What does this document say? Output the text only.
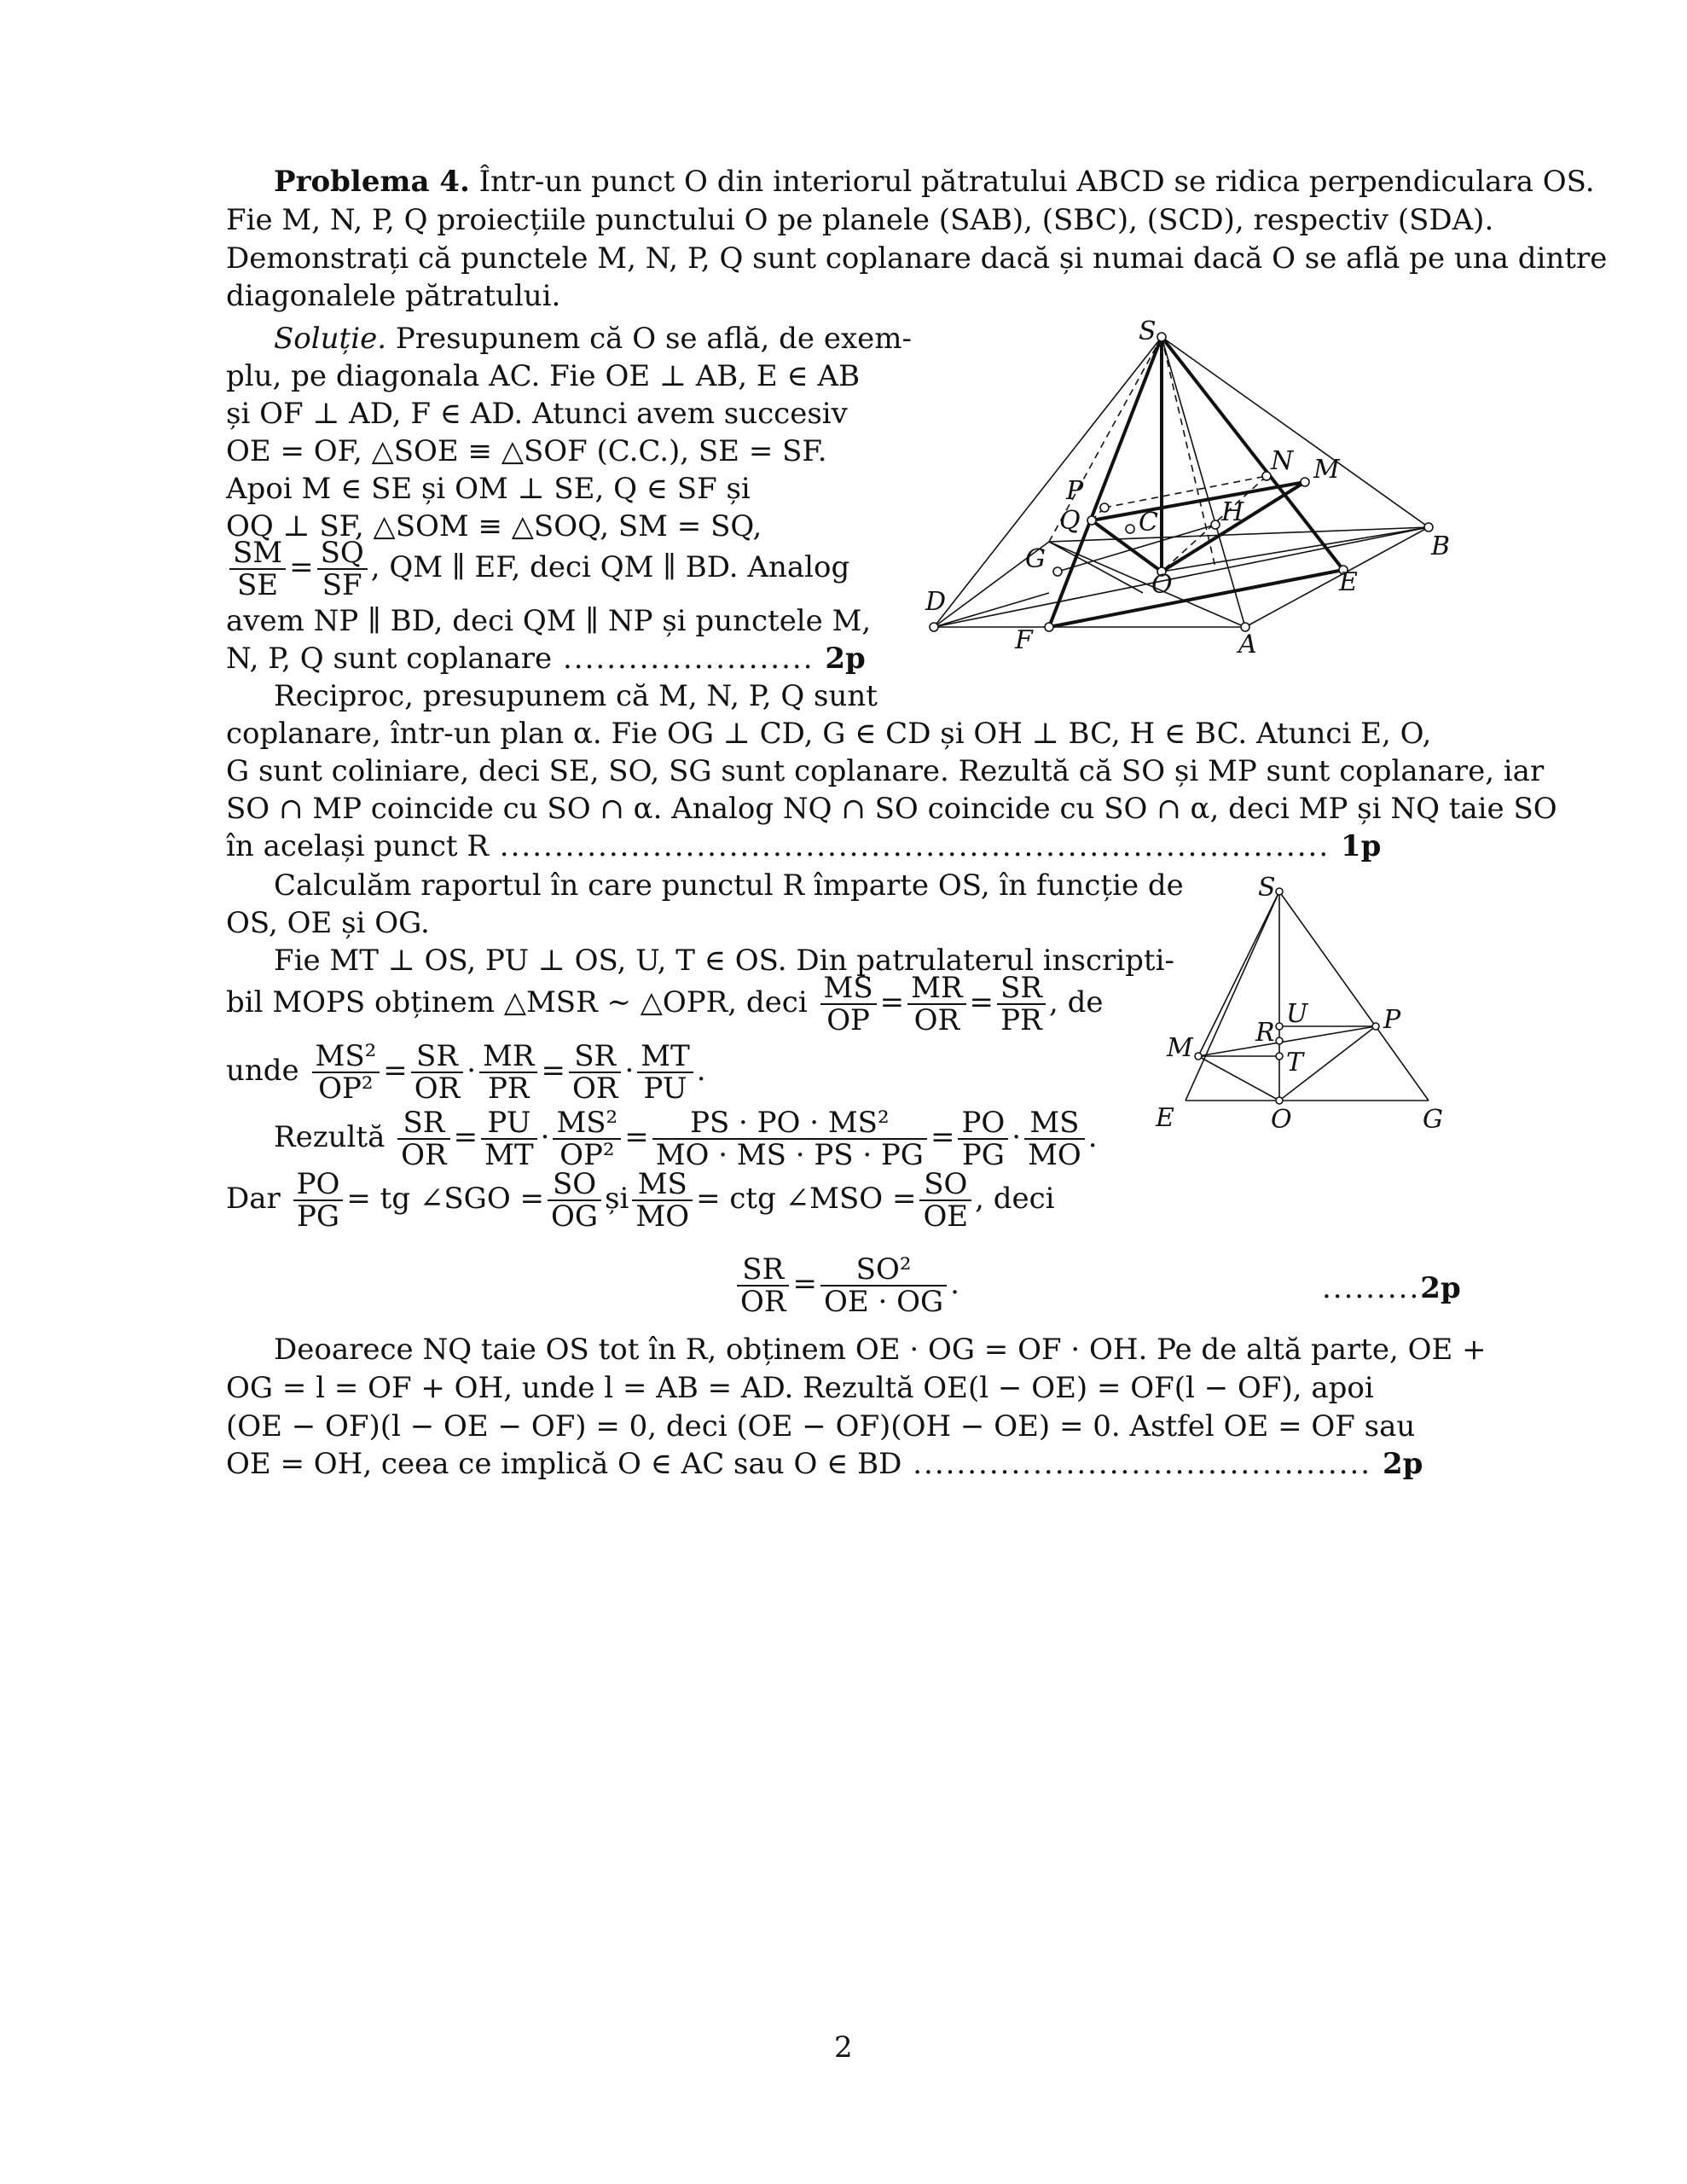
Problema 4. Într-un punct O din interiorul pătratului ABCD se ridica perpendiculara OS.
Fie M, N, P, Q proiecțiile punctului O pe planele (SAB), (SBC), (SCD), respectiv (SDA).
Demonstrați că punctele M, N, P, Q sunt coplanare dacă și numai dacă O se află pe una dintre
diagonalele pătratului.
Soluție. Presupunem că O se află, de exem-
plu, pe diagonala AC. Fie OE ⊥ AB, E ∈ AB
și OF ⊥ AD, F ∈ AD. Atunci avem succesiv
OE = OF, △SOE ≡ △SOF (C.C.), SE = SF.
Apoi M ∈ SE și OM ⊥ SE, Q ∈ SF și
OQ ⊥ SF, △SOM ≡ △SOQ, SM = SQ,
$\frac{SM}{SE} = \frac{SQ}{SF}$ , QM ∥ EF, deci QM ∥ BD. Analog
avem NP ∥ BD, deci QM ∥ NP și punctele M,
N, P, Q sunt coplanare ....................... 2p
Reciproc, presupunem că M, N, P, Q sunt
coplanare, într-un plan α. Fie OG ⊥ CD, G ∈ CD și OH ⊥ BC, H ∈ BC. Atunci E, O,
G sunt coliniare, deci SE, SO, SG sunt coplanare. Rezultă că SO și MP sunt coplanare, iar
SO ∩ MP coincide cu SO ∩ α. Analog NQ ∩ SO coincide cu SO ∩ α, deci MP și NQ taie SO
în același punct R ............................................................................ 1p
Calculăm raportul în care punctul R împarte OS, în funcție de
OS, OE și OG.
Fie MT ⊥ OS, PU ⊥ OS, U, T ∈ OS. Din patrulaterul inscripti-
bil MOPS obținem △MSR ∼ △OPR, deci $\frac{MS}{OP} = \frac{MR}{OR} = \frac{SR}{PR}$ , de
unde $\frac{\text{MS²}}{\text{OP²}} = \frac{SR}{OR} \cdot \frac{MR}{PR} = \frac{SR}{OR} \cdot \frac{MT}{PU}$ .
Rezultă $\frac{SR}{OR} = \frac{PU}{MT} \cdot \frac{\text{MS²}}{\text{OP²}} = \frac{\text{PS · PO · MS²}}{MO \cdot MS \cdot PS \cdot PG} = \frac{PO}{PG} \cdot \frac{MS}{MO}$ .
Dar $\frac{PO}{PG}$ = tg ∠SGO = $\frac{SO}{OG}$ și $\frac{MS}{MO}$ = ctg ∠MSO = $\frac{SO}{OE}$ , deci
$\frac{SR}{OR} = \frac{\text{SO²}}{OE \cdot OG}$ .	.........2p
Deoarece NQ taie OS tot în R, obținem OE · OG = OF · OH. Pe de altă parte, OE +
OG = l = OF + OH, unde l = AB = AD. Rezultă OE(l − OE) = OF(l − OF), apoi
(OE − OF)(l − OE − OF) = 0, deci (OE − OF)(OH − OE) = 0. Astfel OE = OF sau
OE = OH, ceea ce implică O ∈ AC sau O ∈ BD .......................................... 2p
S
N M
P
Q C H
G	B
O	E
D
F	A
S
U	P
R
M	T
E	O	G
2
